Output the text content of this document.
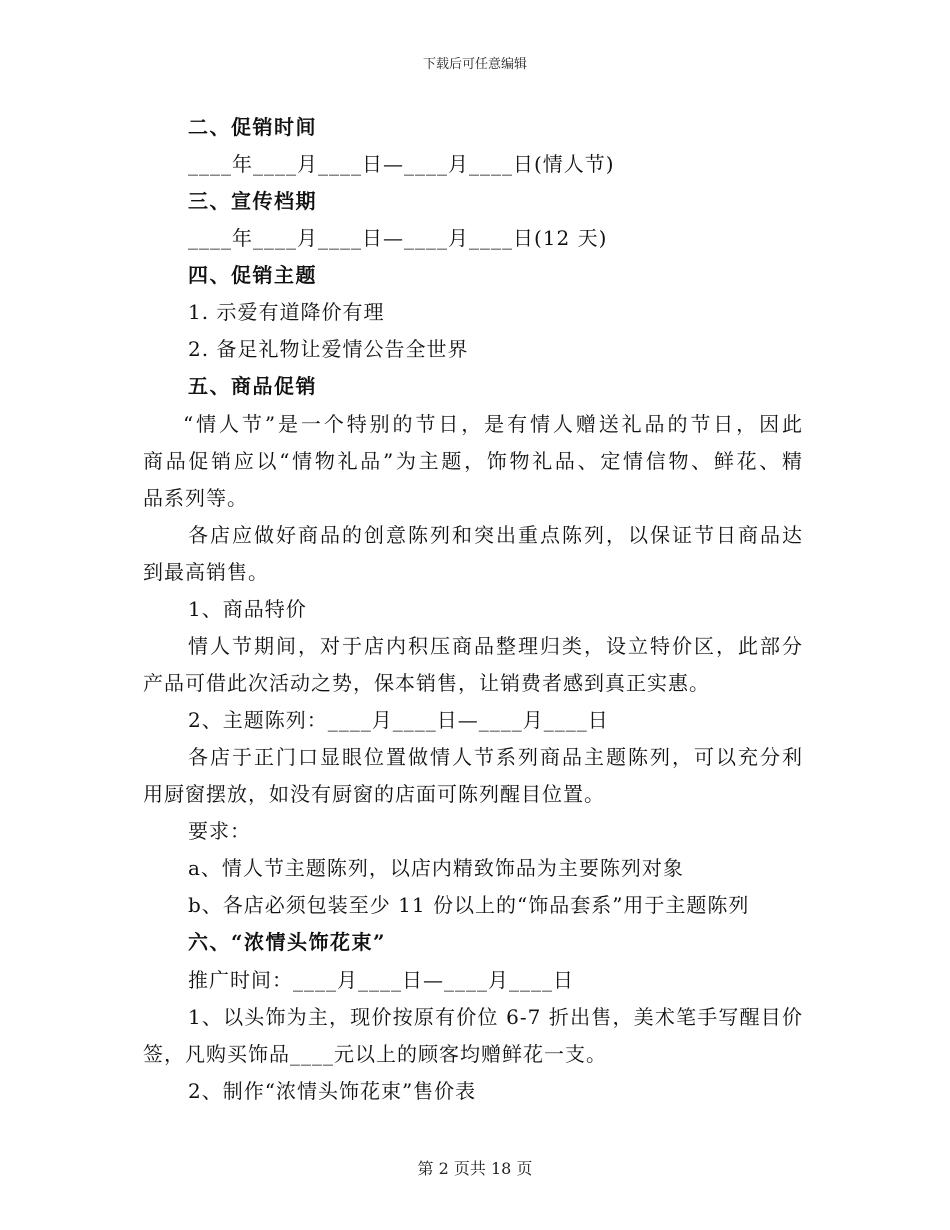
下载后可任意编辑
二、促销时间
____年____月____日—____月____日(情人节)
三、宣传档期
____年____月____日—____月____日(12 天)
四、促销主题
1. 示爱有道降价有理
2. 备足礼物让爱情公告全世界
五、商品促销
“情人节”是一个特别的节日，是有情人赠送礼品的节日，因此
商品促销应以“情物礼品”为主题，饰物礼品、定情信物、鲜花、精
品系列等。
各店应做好商品的创意陈列和突出重点陈列，以保证节日商品达
到最高销售。
1、商品特价
情人节期间，对于店内积压商品整理归类，设立特价区，此部分
产品可借此次活动之势，保本销售，让销费者感到真正实惠。
2、主题陈列：____月____日—____月____日
各店于正门口显眼位置做情人节系列商品主题陈列，可以充分利
用厨窗摆放，如没有厨窗的店面可陈列醒目位置。
要求：
a、情人节主题陈列，以店内精致饰品为主要陈列对象
b、各店必须包装至少 11 份以上的“饰品套系”用于主题陈列
六、“浓情头饰花束”
推广时间：____月____日—____月____日
1、以头饰为主，现价按原有价位 6-7 折出售，美术笔手写醒目价
签，凡购买饰品____元以上的顾客均赠鲜花一支。
2、制作“浓情头饰花束”售价表
第 2 页共 18 页
